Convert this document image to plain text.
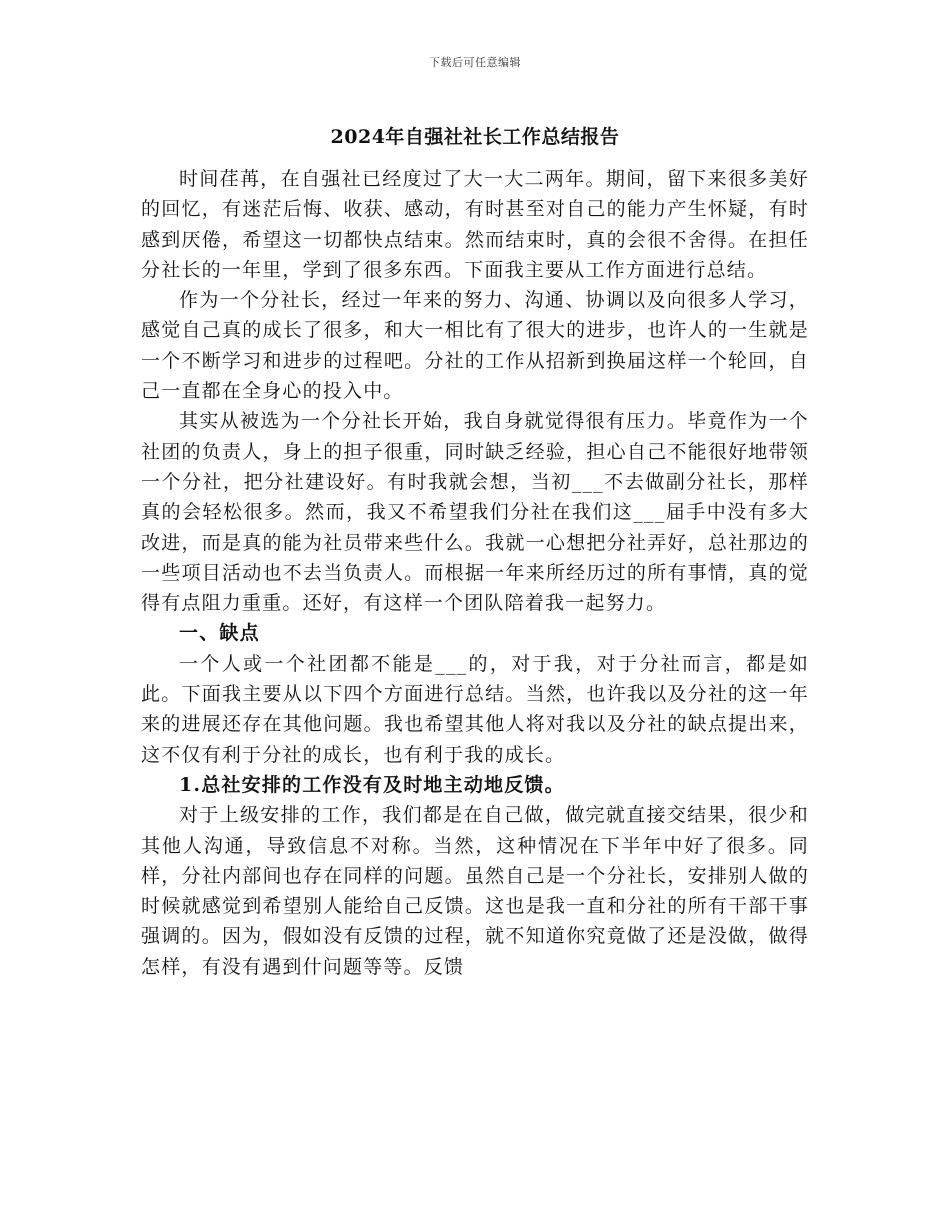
下载后可任意编辑
2024年自强社社长工作总结报告

时间荏苒，在自强社已经度过了大一大二两年。期间，留下来很多美好的回忆，有迷茫后悔、收获、感动，有时甚至对自己的能力产生怀疑，有时感到厌倦，希望这一切都快点结束。然而结束时，真的会很不舍得。在担任分社长的一年里，学到了很多东西。下面我主要从工作方面进行总结。

作为一个分社长，经过一年来的努力、沟通、协调以及向很多人学习，感觉自己真的成长了很多，和大一相比有了很大的进步，也许人的一生就是一个不断学习和进步的过程吧。分社的工作从招新到换届这样一个轮回，自己一直都在全身心的投入中。

其实从被选为一个分社长开始，我自身就觉得很有压力。毕竟作为一个社团的负责人，身上的担子很重，同时缺乏经验，担心自己不能很好地带领一个分社，把分社建设好。有时我就会想，当初___不去做副分社长，那样真的会轻松很多。然而，我又不希望我们分社在我们这___届手中没有多大改进，而是真的能为社员带来些什么。我就一心想把分社弄好，总社那边的一些项目活动也不去当负责人。而根据一年来所经历过的所有事情，真的觉得有点阻力重重。还好，有这样一个团队陪着我一起努力。

一、缺点

一个人或一个社团都不能是___的，对于我，对于分社而言，都是如此。下面我主要从以下四个方面进行总结。当然，也许我以及分社的这一年来的进展还存在其他问题。我也希望其他人将对我以及分社的缺点提出来，这不仅有利于分社的成长，也有利于我的成长。

1.总社安排的工作没有及时地主动地反馈。

对于上级安排的工作，我们都是在自己做，做完就直接交结果，很少和其他人沟通，导致信息不对称。当然，这种情况在下半年中好了很多。同样，分社内部间也存在同样的问题。虽然自己是一个分社长，安排别人做的时候就感觉到希望别人能给自己反馈。这也是我一直和分社的所有干部干事强调的。因为，假如没有反馈的过程，就不知道你究竟做了还是没做，做得怎样，有没有遇到什问题等等。反馈
